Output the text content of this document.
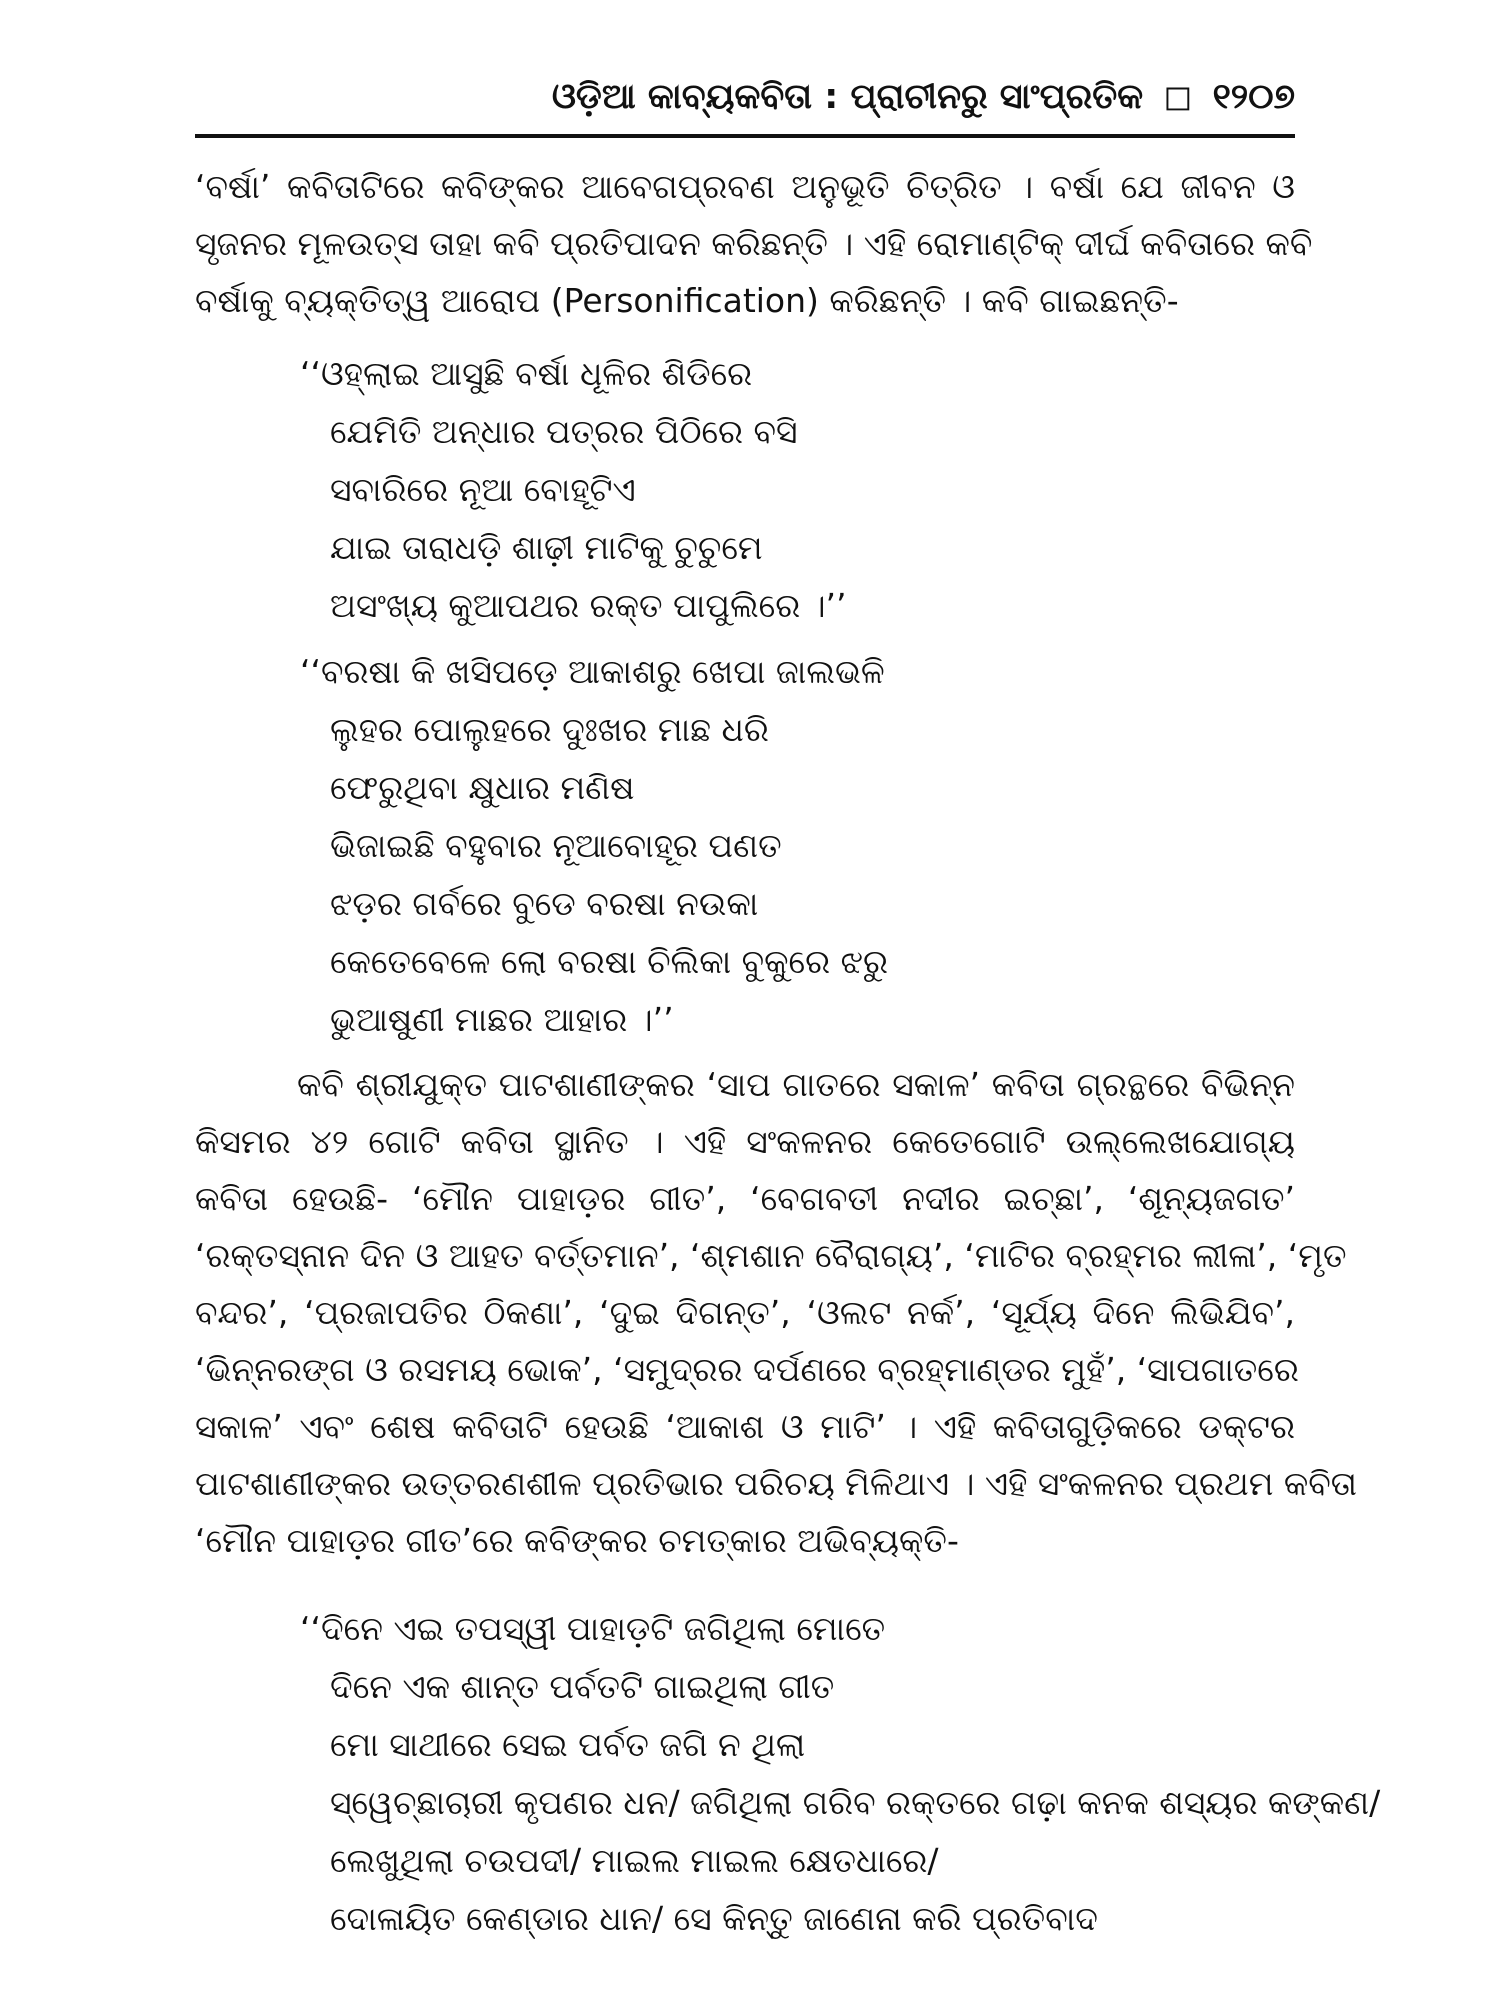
ଓଡ଼ିଆ କାବ୍ୟକବିତା : ପ୍ରାଚୀନରୁ ସାଂପ୍ରତିକ ◻ ୧୨୦୭
‘ବର୍ଷା’ କବିତାଟିରେ କବିଙ୍କର ଆବେଗପ୍ରବଣ ଅନୁଭୂତି ଚିତ୍ରିତ । ବର୍ଷା ଯେ ଜୀବନ ଓ
ସୃଜନର ମୂଳଉତ୍ସ ତାହା କବି ପ୍ରତିପାଦନ କରିଛନ୍ତି । ଏହି ରୋମାଣ୍ଟିକ୍ ଦୀର୍ଘ କବିତାରେ କବି
ବର୍ଷାକୁ ବ୍ୟକ୍ତିତ୍ୱ ଆରୋପ (Personification) କରିଛନ୍ତି । କବି ଗାଇଛନ୍ତି-
‘‘ଓହ୍ଲାଇ ଆସୁଛି ବର୍ଷା ଧୂଳିର ଶିଡିରେ
ଯେମିତି ଅନ୍ଧାର ପତ୍ରର ପିଠିରେ ବସି
ସବାରିରେ ନୂଆ ବୋହୂଟିଏ
ଯାଇ ତାରାଧଡ଼ି ଶାଢ଼ୀ ମାଟିକୁ ଚୁଚୁମେ
ଅସଂଖ୍ୟ କୁଆପଥର ରକ୍ତ ପାପୁଲିରେ ।’’
‘‘ବରଷା କି ଖସିପଡ଼େ ଆକାଶରୁ ଖେପା ଜାଲଭଳି
ଲୁହର ପୋଲୁହରେ ଦୁଃଖର ମାଛ ଧରି
ଫେରୁଥିବା କ୍ଷୁଧାର ମଣିଷ
ଭିଜାଇଛି ବହୁବାର ନୂଆବୋହୂର ପଣତ
ଝଡ଼ର ଗର୍ବରେ ବୁଡେ ବରଷା ନଉକା
କେତେବେଳେ ଲୋ ବରଷା ଚିଲିକା ବୁକୁରେ ଝରୁ
ଭୁଆଷୁଣୀ ମାଛର ଆହାର ।’’
କବି ଶ୍ରୀଯୁକ୍ତ ପାଟଶାଣୀଙ୍କର ‘ସାପ ଗାତରେ ସକାଳ’ କବିତା ଗ୍ରନ୍ଥରେ ବିଭିନ୍ନ
କିସମର ୪୨ ଗୋଟି କବିତା ସ୍ଥାନିତ । ଏହି ସଂକଳନର କେତେଗୋଟି ଉଲ୍ଲେଖଯୋଗ୍ୟ
କବିତା ହେଉଛି- ‘ମୌନ ପାହାଡ଼ର ଗୀତ’, ‘ବେଗବତୀ ନଦୀର ଇଚ୍ଛା’, ‘ଶୂନ୍ୟଜଗତ’
‘ରକ୍ତସ୍ନାନ ଦିନ ଓ ଆହତ ବର୍ତ୍ତମାନ’, ‘ଶ୍ମଶାନ ବୈରାଗ୍ୟ’, ‘ମାଟିର ବ୍ରହ୍ମର ଲୀଳା’, ‘ମୃତ
ବନ୍ଦର’, ‘ପ୍ରଜାପତିର ଠିକଣା’, ‘ଦୁଇ ଦିଗନ୍ତ’, ‘ଓଲଟ ନର୍କ’, ‘ସୂର୍ଯ୍ୟ ଦିନେ ଲିଭିଯିବ’,
‘ଭିନ୍ନରଙ୍ଗ ଓ ରସମୟ ଭୋକ’, ‘ସମୁଦ୍ରର ଦର୍ପଣରେ ବ୍ରହ୍ମାଣ୍ଡର ମୁହଁ’, ‘ସାପଗାତରେ
ସକାଳ’ ଏବଂ ଶେଷ କବିତାଟି ହେଉଛି ‘ଆକାଶ ଓ ମାଟି’ । ଏହି କବିତାଗୁଡ଼ିକରେ ଡକ୍ଟର
ପାଟଶାଣୀଙ୍କର ଉତ୍ତରଣଶୀଳ ପ୍ରତିଭାର ପରିଚୟ ମିଳିଥାଏ । ଏହି ସଂକଳନର ପ୍ରଥମ କବିତା
‘ମୌନ ପାହାଡ଼ର ଗୀତ’ରେ କବିଙ୍କର ଚମତ୍କାର ଅଭିବ୍ୟକ୍ତି-
‘‘ଦିନେ ଏଇ ତପସ୍ୱୀ ପାହାଡ଼ଟି ଜଗିଥିଲା ମୋତେ
ଦିନେ ଏକ ଶାନ୍ତ ପର୍ବତଟି ଗାଇଥିଲା ଗୀତ
ମୋ ସାଥୀରେ ସେଇ ପର୍ବତ ଜଗି ନ ଥିଲା
ସ୍ୱେଚ୍ଛାଚାରୀ କୃପଣର ଧନ/ ଜଗିଥିଲା ଗରିବ ରକ୍ତରେ ଗଢ଼ା କନକ ଶସ୍ୟର କଙ୍କଣ/
ଲେଖୁଥିଲା ଚଉପଦୀ/ ମାଇଲ ମାଇଲ କ୍ଷେତଧାରେ/
ଦୋଳାୟିତ କେଣ୍ଡାର ଧାନ/ ସେ କିନ୍ତୁ ଜାଣେନା କରି ପ୍ରତିବାଦ
